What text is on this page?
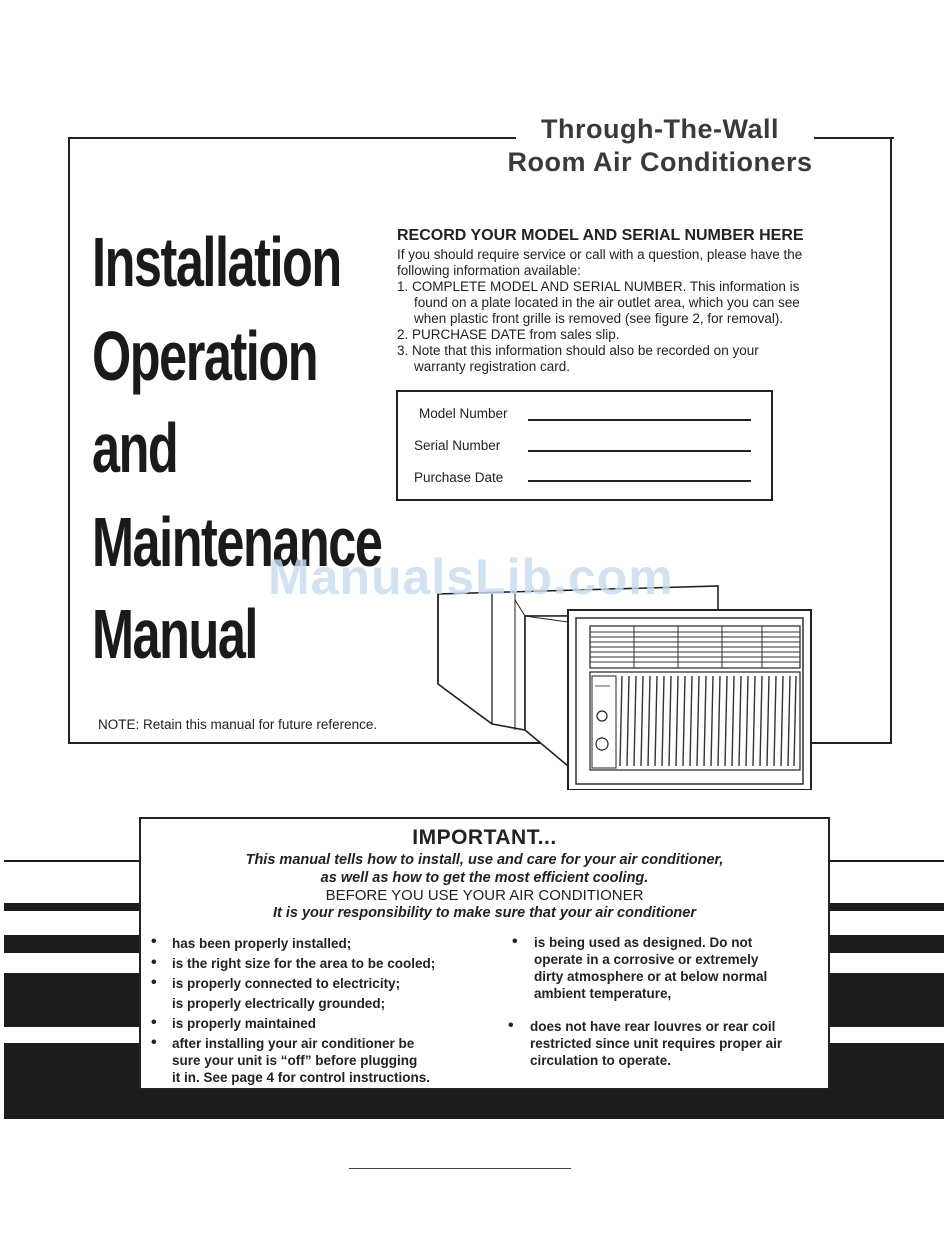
Through-The-Wall
Room Air Conditioners
Installation
Operation
and
Maintenance
Manual
RECORD YOUR MODEL AND SERIAL NUMBER HERE
If you should require service or call with a question, please have the
following information available:
1. COMPLETE MODEL AND SERIAL NUMBER. This information is
found on a plate located in the air outlet area, which you can see
when plastic front grille is removed (see figure 2, for removal).
2. PURCHASE DATE from sales slip.
3. Note that this information should also be recorded on your
warranty registration card.
Model Number
Serial Number
Purchase Date
ManualsLib.com
NOTE: Retain this manual for future reference.
IMPORTANT...
This manual tells how to install, use and care for your air conditioner,
as well as how to get the most efficient cooling.
BEFORE YOU USE YOUR AIR CONDITIONER
It is your responsibility to make sure that your air conditioner
• has been properly installed;
• is the right size for the area to be cooled;
• is properly connected to electricity;
is properly electrically grounded;
• is properly maintained
• after installing your air conditioner be
sure your unit is “off” before plugging
it in. See page 4 for control instructions.
• is being used as designed. Do not
operate in a corrosive or extremely
dirty atmosphere or at below normal
ambient temperature,
• does not have rear louvres or rear coil
restricted since unit requires proper air
circulation to operate.
